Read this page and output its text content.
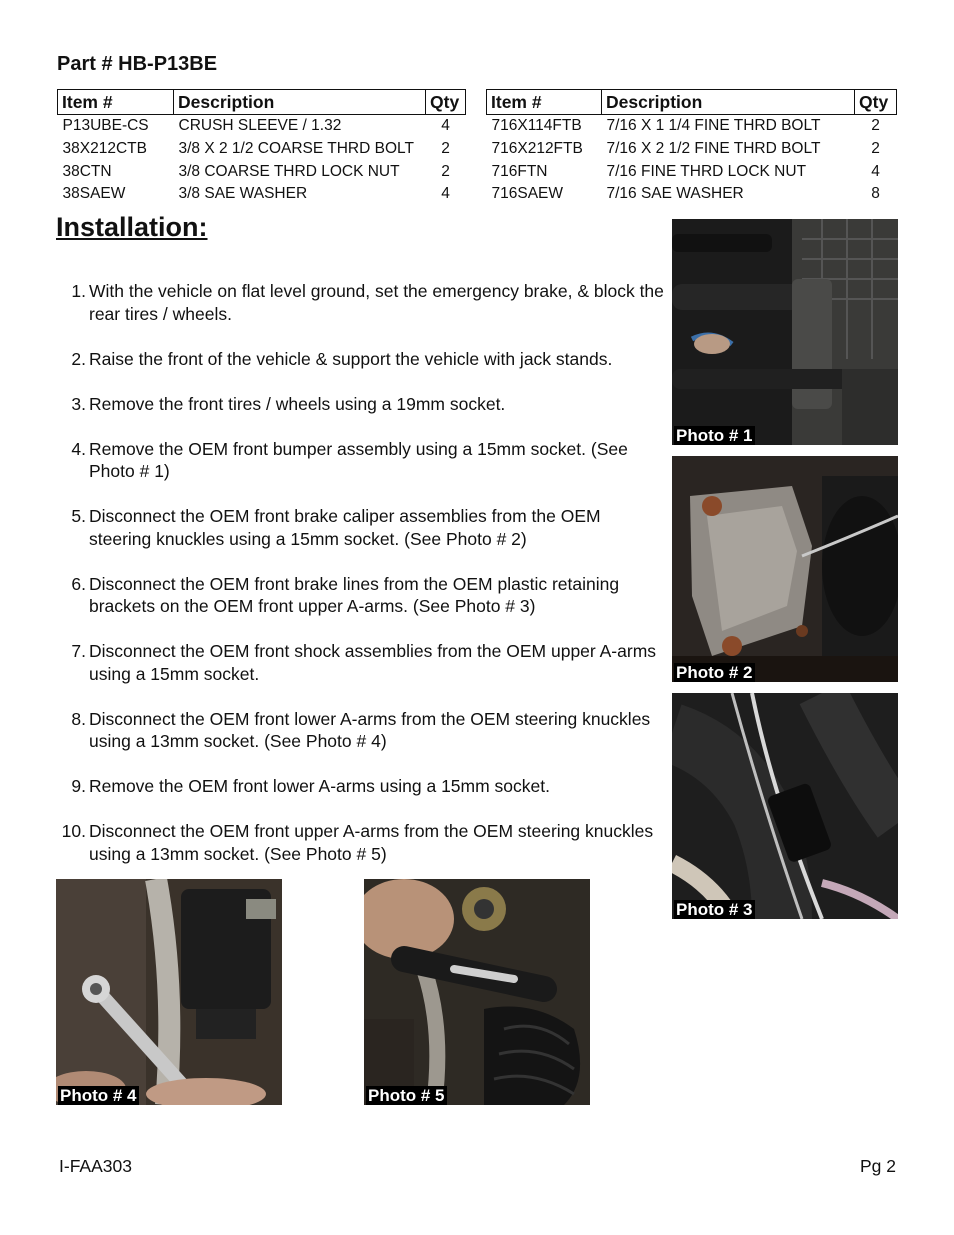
Part # HB-P13BE
Item #	Description	Qty
P13UBE-CS	CRUSH SLEEVE / 1.32	4
38X212CTB	3/8 X 2 1/2 COARSE THRD BOLT	2
38CTN	3/8 COARSE THRD LOCK NUT	2
38SAEW	3/8 SAE WASHER	4
Item #	Description	Qty
716X114FTB	7/16 X 1 1/4 FINE THRD BOLT	2
716X212FTB	7/16 X 2 1/2 FINE THRD BOLT	2
716FTN	7/16 FINE THRD LOCK NUT	4
716SAEW	7/16 SAE WASHER	8
Installation:
1. With the vehicle on flat level ground, set the emergency brake, & block the rear tires / wheels.
2. Raise the front of the vehicle & support the vehicle with jack stands.
3. Remove the front tires / wheels using a 19mm socket.
4. Remove the OEM front bumper assembly using a 15mm socket. (See Photo # 1)
5. Disconnect the OEM front brake caliper assemblies from the OEM steering knuckles using a 15mm socket. (See Photo # 2)
6. Disconnect the OEM front brake lines from the OEM plastic retaining brackets on the OEM front upper A-arms. (See Photo # 3)
7. Disconnect the OEM front shock assemblies from the OEM upper A-arms using a 15mm socket.
8. Disconnect the OEM front lower A-arms from the OEM steering knuckles using a 13mm socket. (See Photo # 4)
9. Remove the OEM front lower A-arms using a 15mm socket.
10. Disconnect the OEM front upper A-arms from the OEM steering knuckles using a 13mm socket. (See Photo # 5)
Photo # 1
Photo # 2
Photo # 3
Photo # 4	Photo # 5
I-FAA303	Pg 2
